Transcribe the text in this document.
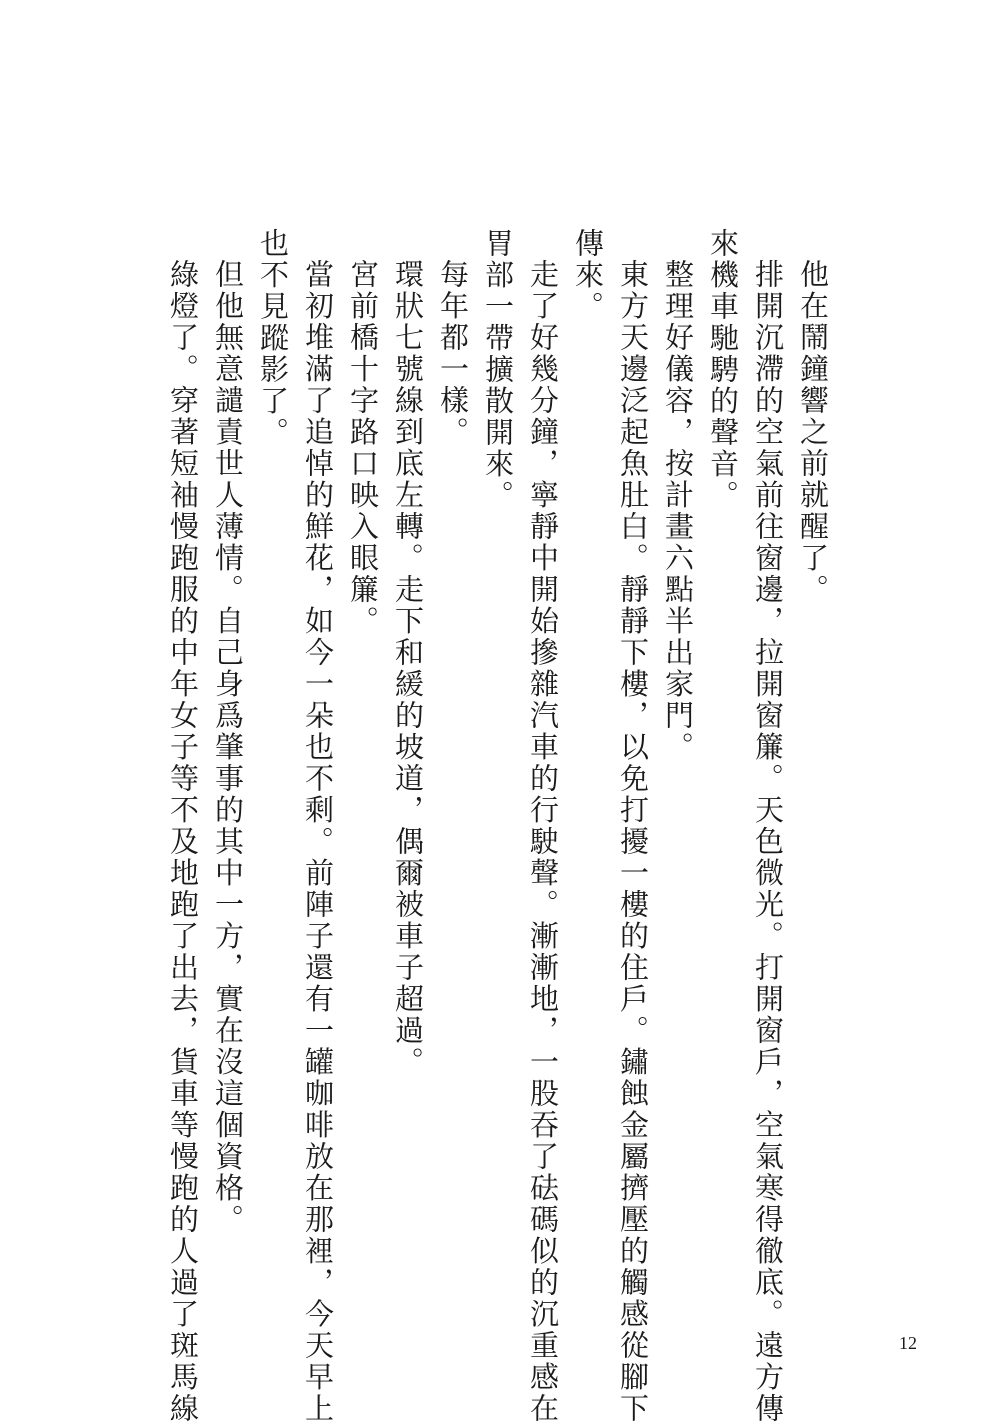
他在鬧鐘響之前就醒了。
排開沉滯的空氣前往窗邊，拉開窗簾。天色微光。打開窗戶，空氣寒得徹底。遠方傳
來機車馳騁的聲音。
整理好儀容，按計畫六點半出家門。
東方天邊泛起魚肚白。靜靜下樓，以免打擾一樓的住戶。鏽蝕金屬擠壓的觸感從腳下
傳來。
走了好幾分鐘，寧靜中開始摻雜汽車的行駛聲。漸漸地，一股吞了砝碼似的沉重感在
胃部一帶擴散開來。
每年都一樣。
環狀七號線到底左轉。走下和緩的坡道，偶爾被車子超過。
宮前橋十字路口映入眼簾。
當初堆滿了追悼的鮮花，如今一朵也不剩。前陣子還有一罐咖啡放在那裡，今天早上
也不見蹤影了。
但他無意譴責世人薄情。自己身爲肇事的其中一方，實在沒這個資格。
綠燈了。穿著短袖慢跑服的中年女子等不及地跑了出去，貨車等慢跑的人過了斑馬線	12
